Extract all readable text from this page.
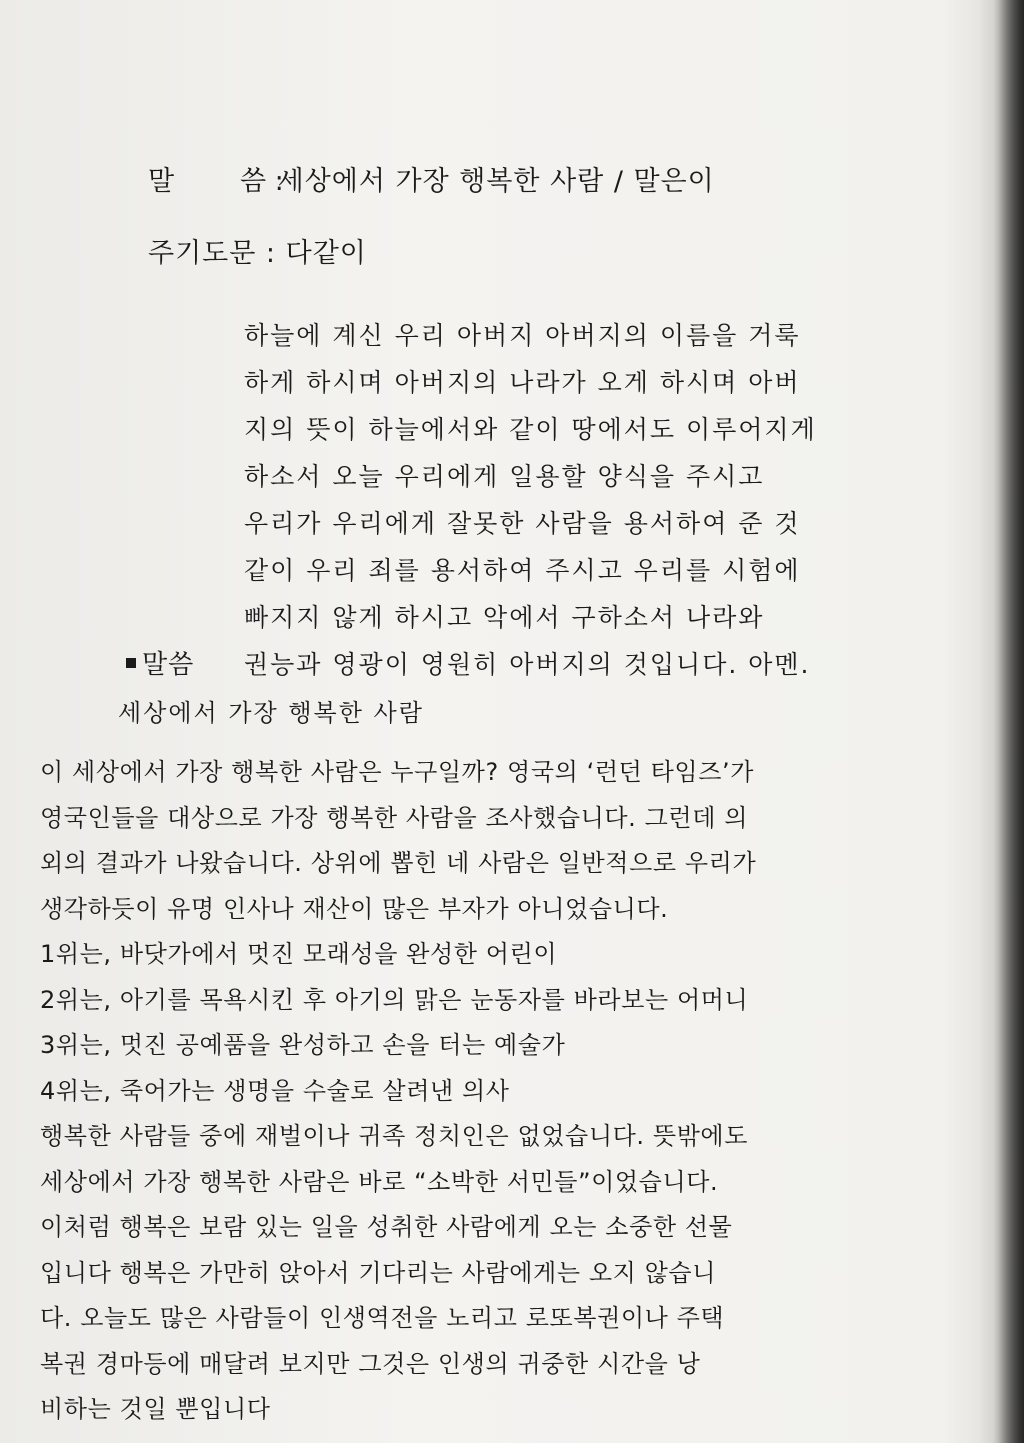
말 씀 : 세상에서 가장 행복한 사람 / 말은이
주기도문 : 다같이
하늘에 계신 우리 아버지 아버지의 이름을 거룩
하게 하시며 아버지의 나라가 오게 하시며 아버
지의 뜻이 하늘에서와 같이 땅에서도 이루어지게
하소서 오늘 우리에게 일용할 양식을 주시고
우리가 우리에게 잘못한 사람을 용서하여 준 것
같이 우리 죄를 용서하여 주시고 우리를 시험에
빠지지 않게 하시고 악에서 구하소서 나라와
권능과 영광이 영원히 아버지의 것입니다. 아멘.
말씀
세상에서 가장 행복한 사람
이 세상에서 가장 행복한 사람은 누구일까? 영국의 ‘런던 타임즈’가
영국인들을 대상으로 가장 행복한 사람을 조사했습니다. 그런데 의
외의 결과가 나왔습니다. 상위에 뽑힌 네 사람은 일반적으로 우리가
생각하듯이 유명 인사나 재산이 많은 부자가 아니었습니다.
1위는, 바닷가에서 멋진 모래성을 완성한 어린이
2위는, 아기를 목욕시킨 후 아기의 맑은 눈동자를 바라보는 어머니
3위는, 멋진 공예품을 완성하고 손을 터는 예술가
4위는, 죽어가는 생명을 수술로 살려낸 의사
행복한 사람들 중에 재벌이나 귀족 정치인은 없었습니다. 뜻밖에도
세상에서 가장 행복한 사람은 바로 “소박한 서민들”이었습니다.
이처럼 행복은 보람 있는 일을 성취한 사람에게 오는 소중한 선물
입니다 행복은 가만히 앉아서 기다리는 사람에게는 오지 않습니
다. 오늘도 많은 사람들이 인생역전을 노리고 로또복권이나 주택
복권 경마등에 매달려 보지만 그것은 인생의 귀중한 시간을 낭
비하는 것일 뿐입니다
